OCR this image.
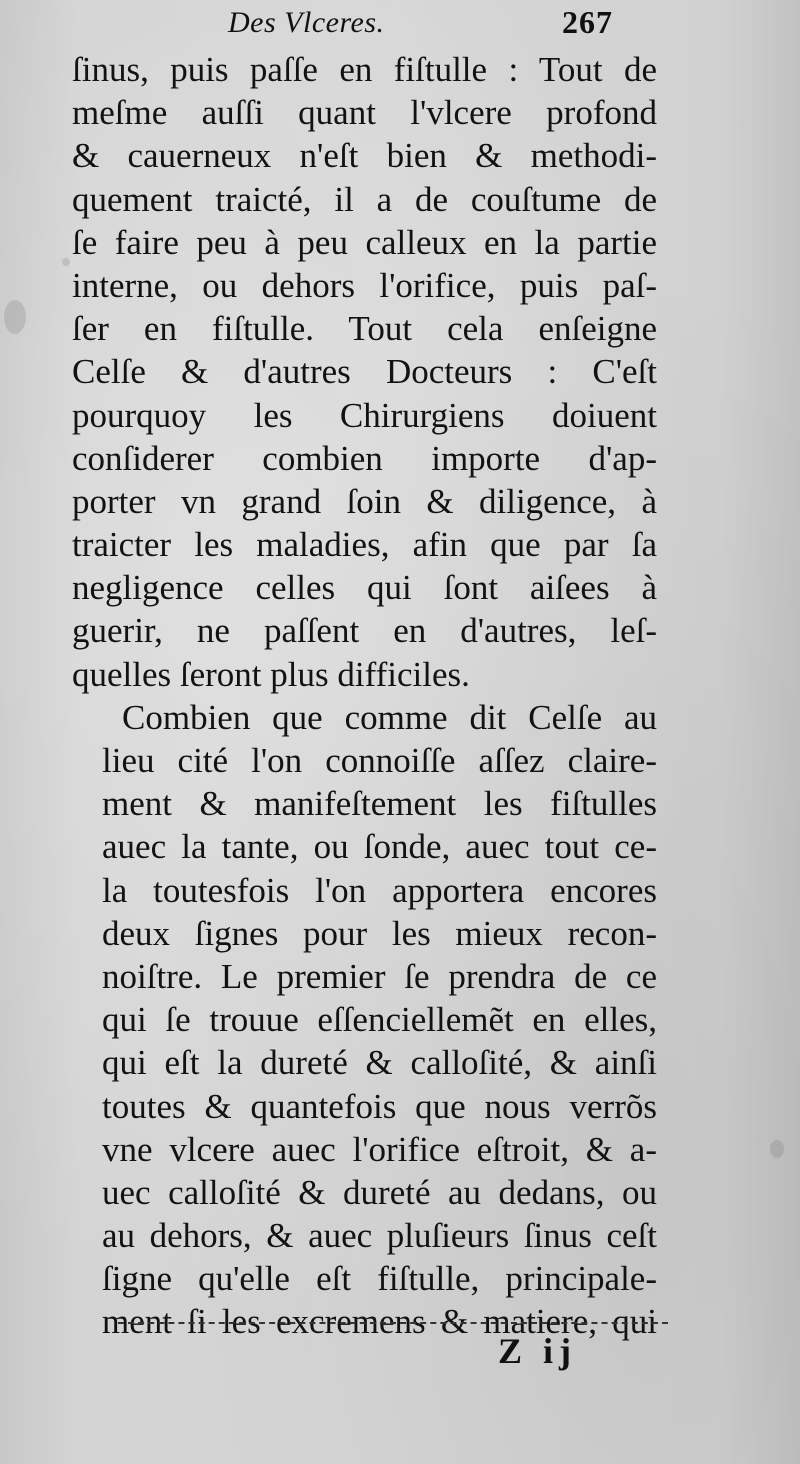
Des Vlceres.	267
ſinus, puis paſſe en fiſtulle : Tout de
meſme auſſi quant l'vlcere profond
& cauerneux n'eſt bien & methodi-
quement traicté, il a de couſtume de
ſe faire peu à peu calleux en la partie
interne, ou dehors l'orifice, puis paſ-
ſer en fiſtulle. Tout cela enſeigne
Celſe & d'autres Docteurs : C'eſt
pourquoy les Chirurgiens doiuent
conſiderer combien importe d'ap-
porter vn grand ſoin & diligence, à
traicter les maladies, afin que par ſa
negligence celles qui ſont aiſees à
guerir, ne paſſent en d'autres, leſ-
quelles ſeront plus difficiles.
Combien que comme dit Celſe au
lieu cité l'on connoiſſe aſſez claire-
ment & manifeſtement les fiſtulles
auec la tante, ou ſonde, auec tout ce-
la toutesfois l'on apportera encores
deux ſignes pour les mieux recon-
noiſtre. Le premier ſe prendra de ce
qui ſe trouue eſſenciellemẽt en elles,
qui eſt la dureté & calloſité, & ainſi
toutes & quantefois que nous verrõs
vne vlcere auec l'orifice eſtroit, & a-
uec calloſité & dureté au dedans, ou
au dehors, & auec pluſieurs ſinus ceſt
ſigne qu'elle eſt fiſtulle, principale-
ment ſi les excremens & matiere, qui
Z ij
